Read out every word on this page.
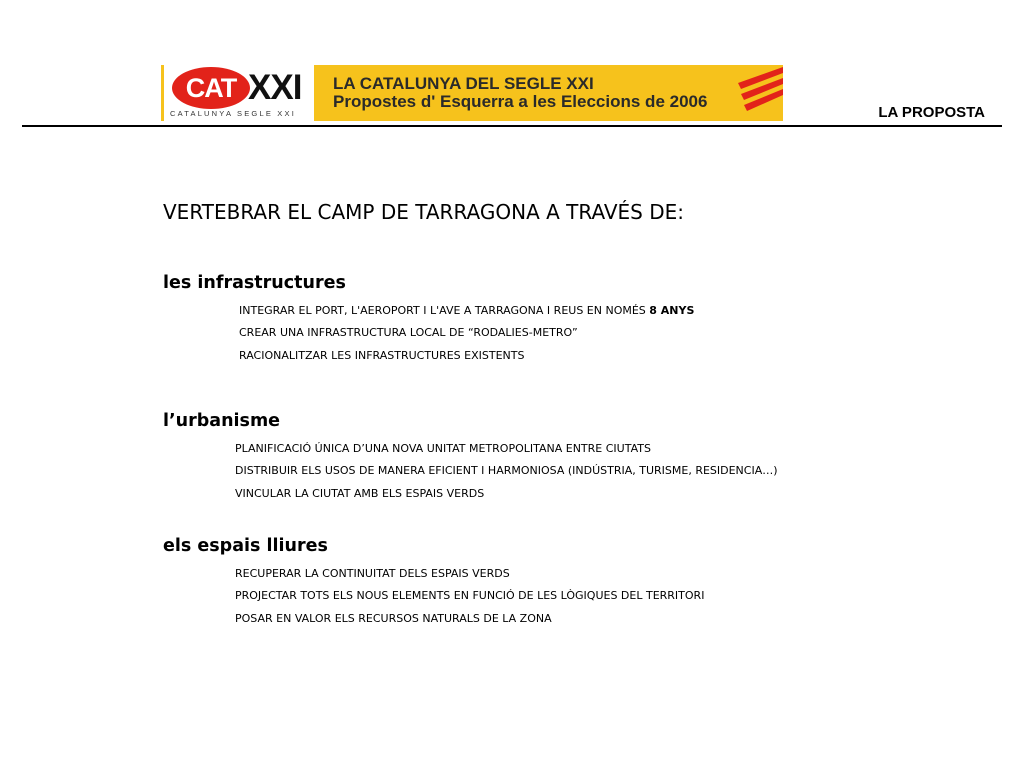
CAT XXI
CATALUNYA SEGLE XXI
LA CATALUNYA DEL SEGLE XXI
Propostes d' Esquerra a les Eleccions de 2006
LA PROPOSTA
VERTEBRAR EL CAMP DE TARRAGONA A TRAVÉS DE:
les infrastructures
INTEGRAR EL PORT, L'AEROPORT I L'AVE A TARRAGONA I REUS EN NOMÉS 8 ANYS
CREAR UNA INFRASTRUCTURA LOCAL DE “RODALIES-METRO”
RACIONALITZAR LES INFRASTRUCTURES EXISTENTS
l’urbanisme
PLANIFICACIÓ ÚNICA D’UNA NOVA UNITAT METROPOLITANA ENTRE CIUTATS
DISTRIBUIR ELS USOS DE MANERA EFICIENT I HARMONIOSA (INDÚSTRIA, TURISME, RESIDENCIA…)
VINCULAR LA CIUTAT AMB ELS ESPAIS VERDS
els espais lliures
RECUPERAR LA CONTINUITAT DELS ESPAIS VERDS
PROJECTAR TOTS ELS NOUS ELEMENTS EN FUNCIÓ DE LES LÒGIQUES DEL TERRITORI
POSAR EN VALOR ELS RECURSOS NATURALS DE LA ZONA
